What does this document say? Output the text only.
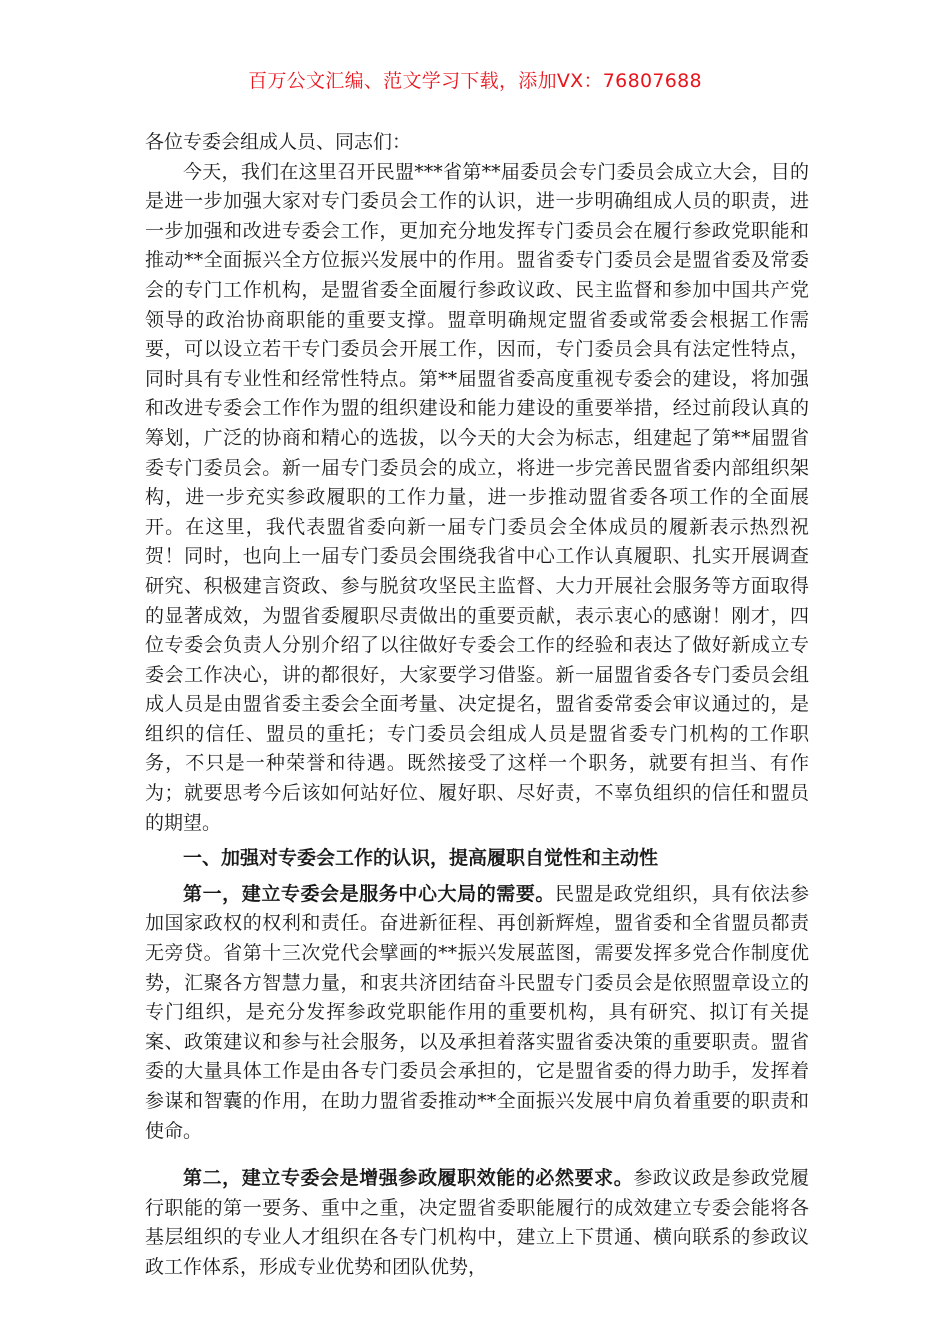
百万公文汇编、范文学习下载，添加VX：76807688

各位专委会组成人员、同志们：

今天，我们在这里召开民盟***省第**届委员会专门委员会成立大会，目的是进一步加强大家对专门委员会工作的认识，进一步明确组成人员的职责，进一步加强和改进专委会工作，更加充分地发挥专门委员会在履行参政党职能和推动**全面振兴全方位振兴发展中的作用。盟省委专门委员会是盟省委及常委会的专门工作机构，是盟省委全面履行参政议政、民主监督和参加中国共产党领导的政治协商职能的重要支撑。盟章明确规定盟省委或常委会根据工作需要，可以设立若干专门委员会开展工作，因而，专门委员会具有法定性特点，同时具有专业性和经常性特点。第**届盟省委高度重视专委会的建设，将加强和改进专委会工作作为盟的组织建设和能力建设的重要举措，经过前段认真的筹划，广泛的协商和精心的选拔，以今天的大会为标志，组建起了第**届盟省委专门委员会。新一届专门委员会的成立，将进一步完善民盟省委内部组织架构，进一步充实参政履职的工作力量，进一步推动盟省委各项工作的全面展开。在这里，我代表盟省委向新一届专门委员会全体成员的履新表示热烈祝贺！同时，也向上一届专门委员会围绕我省中心工作认真履职、扎实开展调查研究、积极建言资政、参与脱贫攻坚民主监督、大力开展社会服务等方面取得的显著成效，为盟省委履职尽责做出的重要贡献，表示衷心的感谢！刚才，四位专委会负责人分别介绍了以往做好专委会工作的经验和表达了做好新成立专委会工作决心，讲的都很好，大家要学习借鉴。新一届盟省委各专门委员会组成人员是由盟省委主委会全面考量、决定提名，盟省委常委会审议通过的，是组织的信任、盟员的重托；专门委员会组成人员是盟省委专门机构的工作职务，不只是一种荣誉和待遇。既然接受了这样一个职务，就要有担当、有作为；就要思考今后该如何站好位、履好职、尽好责，不辜负组织的信任和盟员的期望。

一、加强对专委会工作的认识，提高履职自觉性和主动性

第一，建立专委会是服务中心大局的需要。民盟是政党组织，具有依法参加国家政权的权利和责任。奋进新征程、再创新辉煌，盟省委和全省盟员都责无旁贷。省第十三次党代会擘画的**振兴发展蓝图，需要发挥多党合作制度优势，汇聚各方智慧力量，和衷共济团结奋斗民盟专门委员会是依照盟章设立的专门组织，是充分发挥参政党职能作用的重要机构，具有研究、拟订有关提案、政策建议和参与社会服务，以及承担着落实盟省委决策的重要职责。盟省委的大量具体工作是由各专门委员会承担的，它是盟省委的得力助手，发挥着参谋和智囊的作用，在助力盟省委推动**全面振兴发展中肩负着重要的职责和使命。

第二，建立专委会是增强参政履职效能的必然要求。参政议政是参政党履行职能的第一要务、重中之重，决定盟省委职能履行的成效建立专委会能将各基层组织的专业人才组织在各专门机构中，建立上下贯通、横向联系的参政议政工作体系，形成专业优势和团队优势，
